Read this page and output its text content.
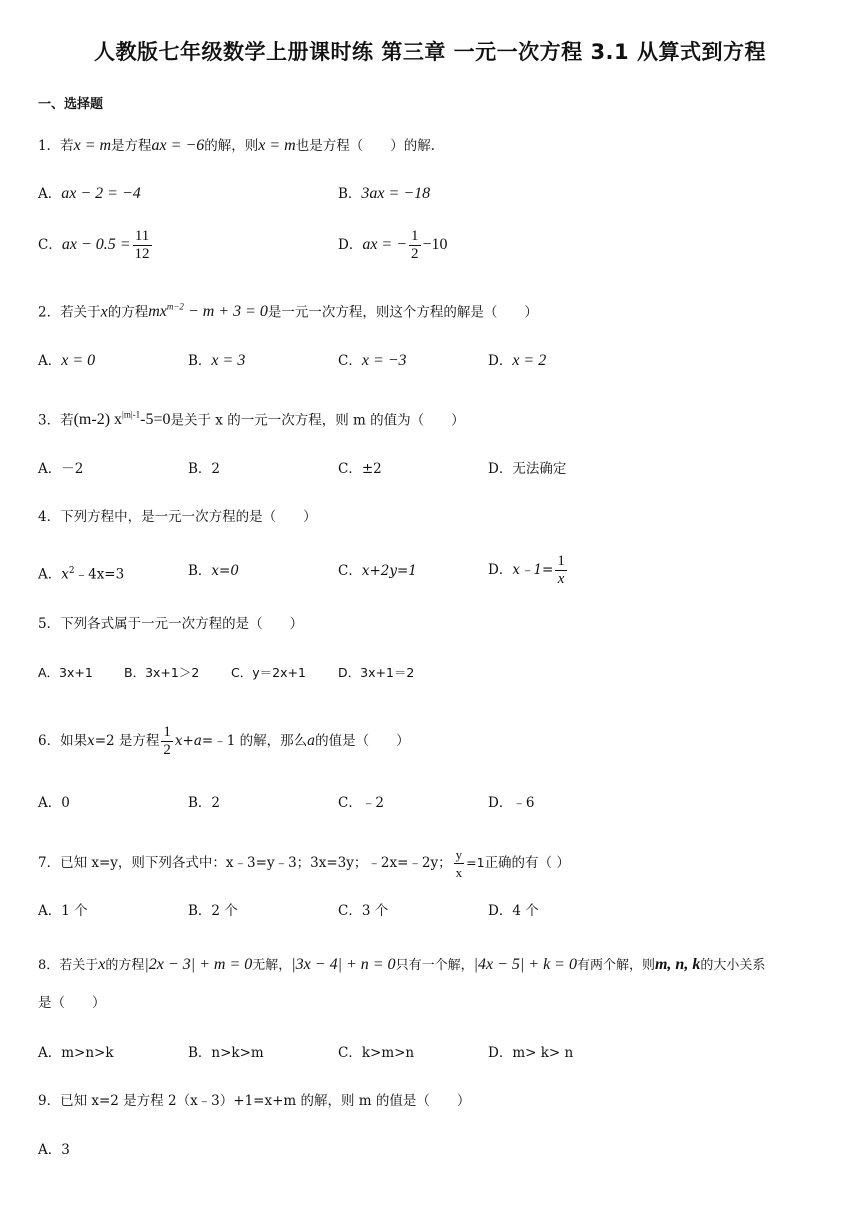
人教版七年级数学上册课时练 第三章 一元一次方程 3.1 从算式到方程
一、选择题
1．若x = m是方程ax = −6的解，则x = m也是方程（　　）的解.
A．ax − 2 = −4	B．3ax = −18
C．ax − $0.5 = \frac{11}{12}$	D．ax = − $\frac{1}{2} -10$
2．若关于x的方程$mx^{m-2} - m + 3 = 0$是一元一次方程，则这个方程的解是（　　）
A．x = 0	B．x = 3	C．x = −3	D．x = 2
3．若(m-2) $x^{|m|-1}-5=0$是关于 x 的一元一次方程，则 m 的值为（　　）
A．－2	B．2	C．±2	D．无法确定
4．下列方程中，是一元一次方程的是（　　）
A．$x^2﹣4x=3$	B．x=0	C．x+2y=1	D．x﹣1= $\frac{1}{x}$
5．下列各式属于一元一次方程的是（　　）
A．3x+1 B．3x+1＞2	C．y＝2x+1	D．3x+1＝2
6．如果x=2 是方程 $\frac{1}{2}$ x+a=﹣1 的解，那么a的值是（　　）
A．0	B．2	C．﹣2	D．﹣6
7．已知 x=y，则下列各式中：x﹣3=y﹣3；3x=3y；﹣2x=﹣2y； $\frac{y}{x} =1$正确的有（ ）
A．1 个	B．2 个	C．3 个	D．4 个
8．若关于x的方程|2x − 3| + m = 0无解，|3x − 4| + n = 0只有一个解，|4x − 5| + k = 0有两个解，则m, n, k的大小关系
是（　　）
A．m>n>k	B．n>k>m	C．k>m>n	D．m> k> n
9．已知 x=2 是方程 2（x﹣3）+1=x+m 的解，则 m 的值是（　　）
A．3
